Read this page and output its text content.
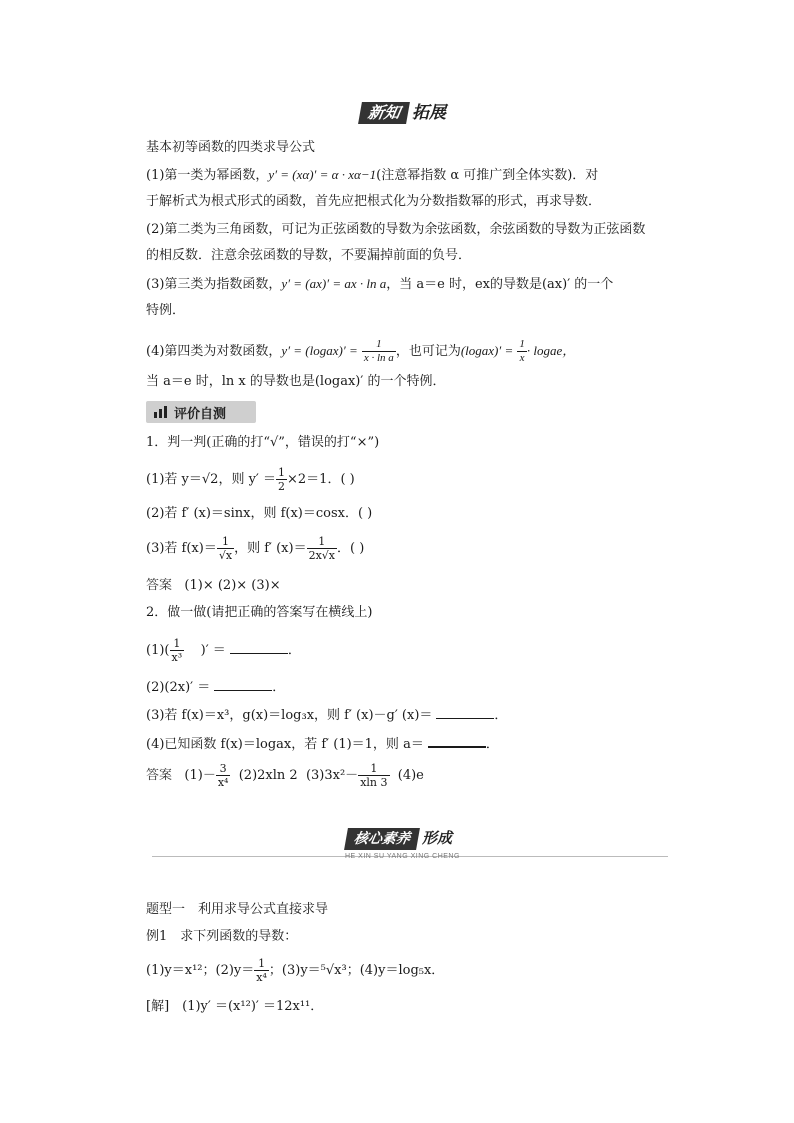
新知 拓展
基本初等函数的四类求导公式
(1)第一类为幂函数，y′ = (xα)′ = α · xα−1(注意幂指数 α 可推广到全体实数)．对
于解析式为根式形式的函数，首先应把根式化为分数指数幂的形式，再求导数．
(2)第二类为三角函数，可记为正弦函数的导数为余弦函数，余弦函数的导数为正弦函数
的相反数．注意余弦函数的导数，不要漏掉前面的负号．
(3)第三类为指数函数，y′ = (ax)′ = ax · ln a，当 a＝e 时，ex的导数是(ax)′ 的一个
特例．
(4)第四类为对数函数，y′ = (logax)′ = $\frac{1}{\text{x · ln a}}$ ，也可记为(logax)′ = $\frac{1}{x}$ · logae，
当 a＝e 时，ln x 的导数也是(logax)′ 的一个特例．
评价自测
1．判一判(正确的打“√”，错误的打“×”)
(1)若 y＝√2，则 $y' = \frac{1}{2} \times 2=1$．( )
(2)若 f′ (x)＝sinx，则 f(x)＝cosx．( )
(3)若 $f(x)= \frac{1}{√x}$ ，则 f′ $(x)= \frac{1}{2x√x}$ ．( )
答案 (1)× (2)× (3)×
2．做一做(请把正确的答案写在横线上)
$(1)( \frac{1}{\text{x³}}$ )′ ＝	．
(2)(2x)′ ＝	．
(3)若 f(x)＝x³，g(x)＝log₃x，则 f′ (x)－g′ (x)＝	．
(4)已知函数 f(x)＝logax，若 f′ (1)＝1，则 a＝	．
答案 $(1)- \frac{3}{\text{x⁴}} (2)2xln$ 2 $(3)3x^2- \frac{1}{xln 3} (4)e$
核心素养 形成
HE XIN SU YANG XING CHENG
题型一　利用求导公式直接求导
例1　求下列函数的导数：
(1)y＝x¹²；$(2)y= \frac{1}{\text{x⁴}}$ ；(3)y＝⁵√x³；(4)y＝log₅x．
[解]　(1)y′ ＝(x¹²)′ ＝12x¹¹．
